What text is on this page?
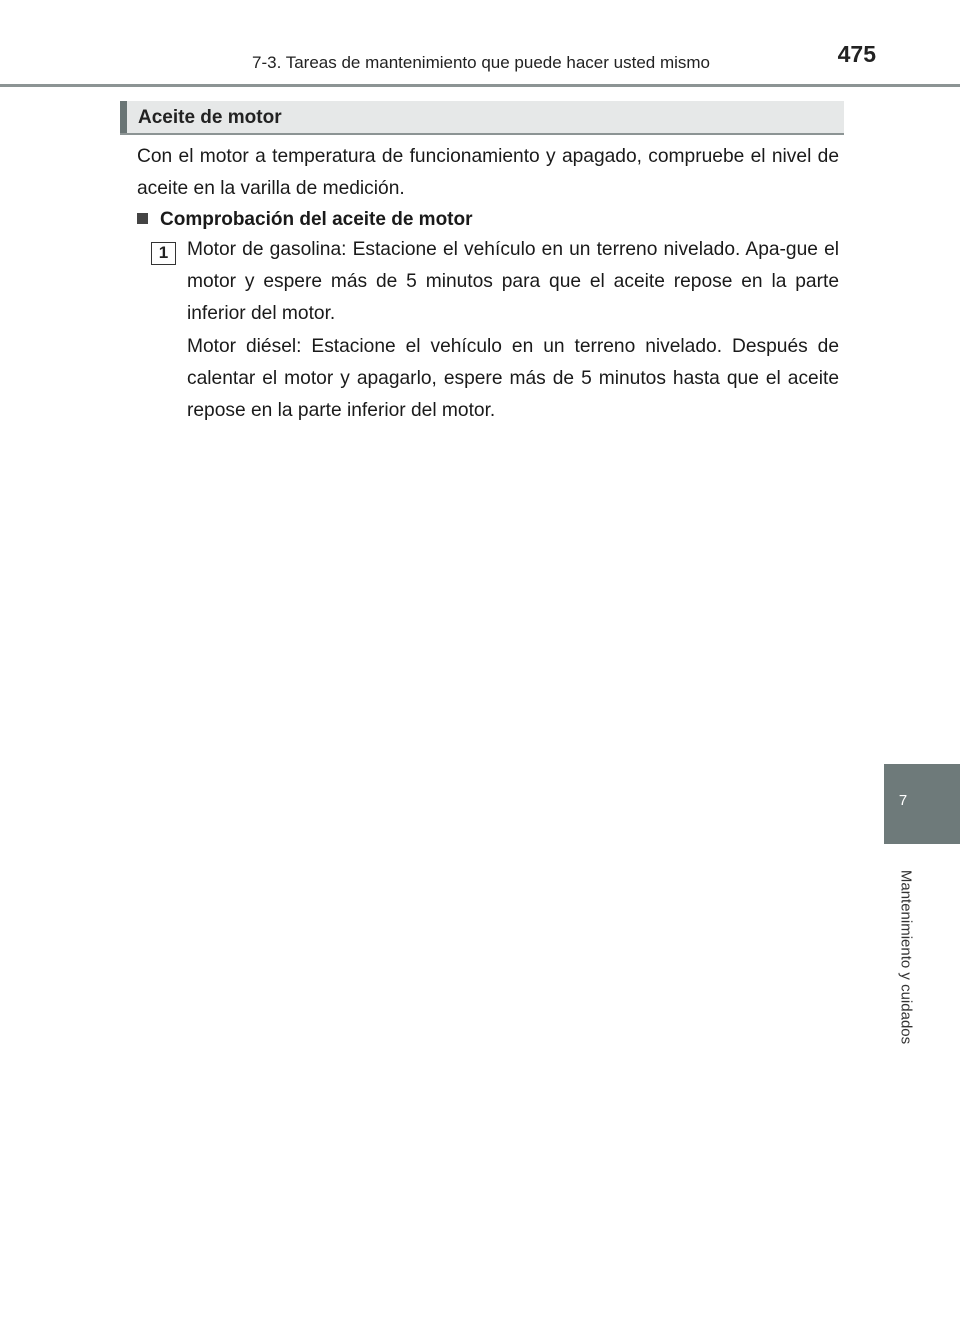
7-3. Tareas de mantenimiento que puede hacer usted mismo	475
Aceite de motor
Con el motor a temperatura de funcionamiento y apagado, compruebe el nivel de aceite en la varilla de medición.
Comprobación del aceite de motor
1 Motor de gasolina: Estacione el vehículo en un terreno nivelado. Apa-gue el motor y espere más de 5 minutos para que el aceite repose en la parte inferior del motor.
Motor diésel: Estacione el vehículo en un terreno nivelado. Después de calentar el motor y apagarlo, espere más de 5 minutos hasta que el aceite repose en la parte inferior del motor.
7
Mantenimiento y cuidados
